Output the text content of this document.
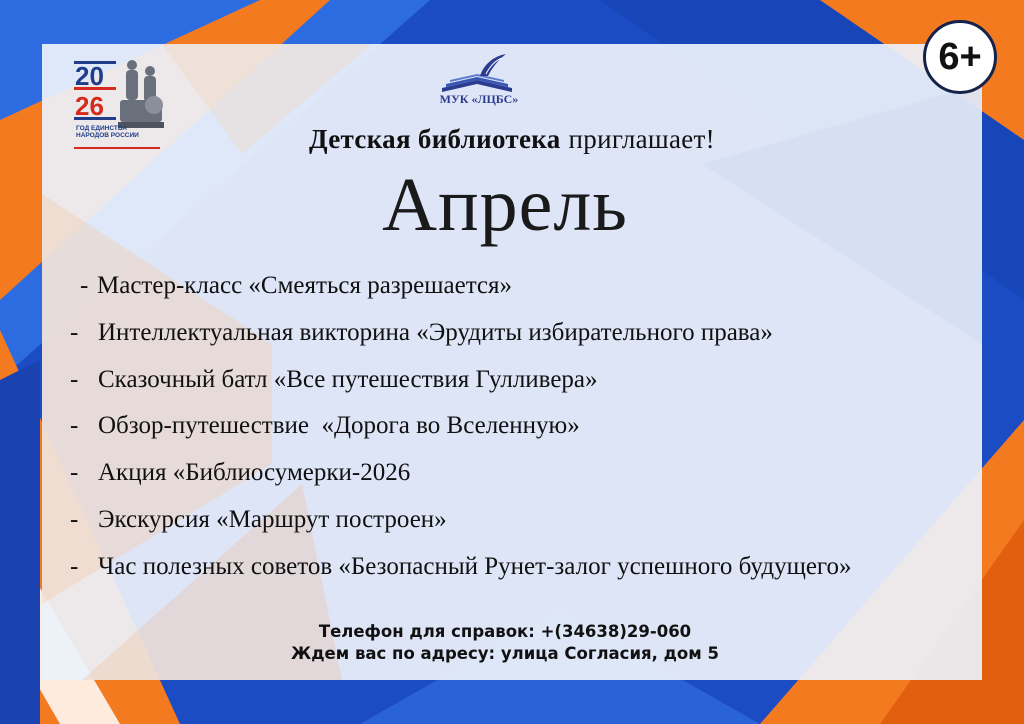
6+
20
26
ГОД ЕДИНСТВА
НАРОДОВ РОССИИ
МУК «ЛЦБС»
Детская библиотека приглашает!
Апрель
- Мастер-класс «Смеяться разрешается»
- Интеллектуальная викторина «Эрудиты избирательного права»
- Сказочный батл «Все путешествия Гулливера»
- Обзор-путешествие  «Дорога во Вселенную»
- Акция «Библиосумерки-2026
- Экскурсия «Маршрут построен»
- Час полезных советов «Безопасный Рунет-залог успешного будущего»
Телефон для справок: +(34638)29-060
Ждем вас по адресу: улица Согласия, дом 5
